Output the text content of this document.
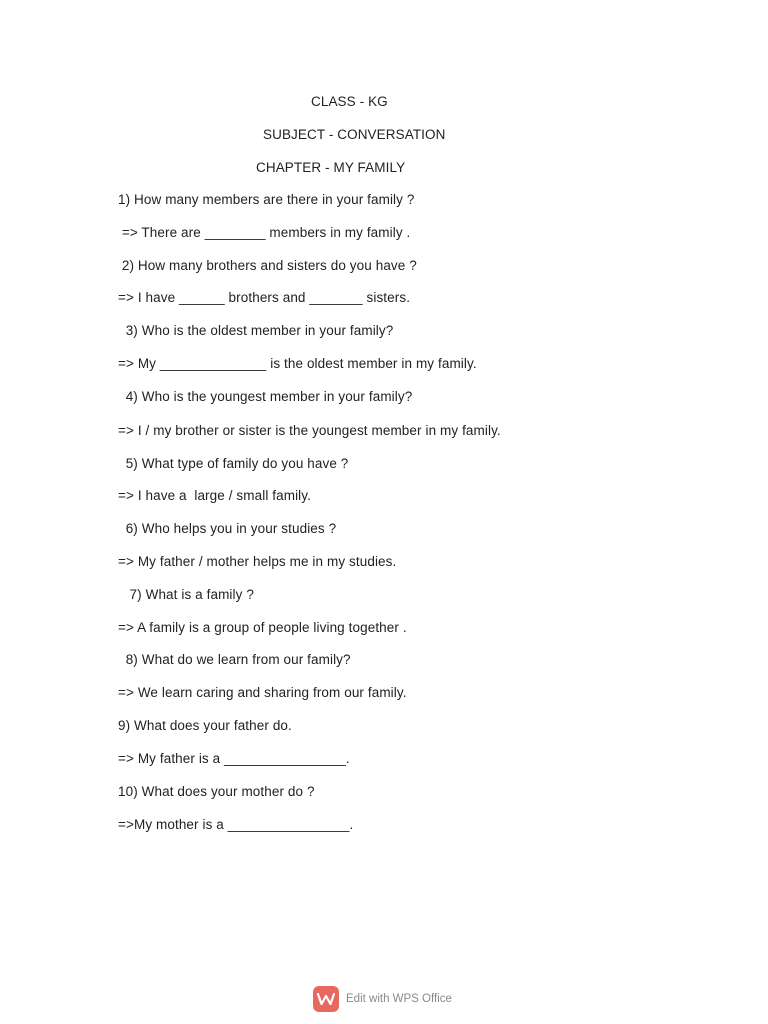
CLASS - KG
SUBJECT - CONVERSATION
CHAPTER - MY FAMILY
1) How many members are there in your family ?
=> There are ________ members in my family .
2) How many brothers and sisters do you have ?
=> I have ______ brothers and _______ sisters.
3) Who is the oldest member in your family?
=> My ______________ is the oldest member in my family.
4) Who is the youngest member in your family?
=> I / my brother or sister is the youngest member in my family.
5) What type of family do you have ?
=> I have a  large / small family.
6) Who helps you in your studies ?
=> My father / mother helps me in my studies.
7) What is a family ?
=> A family is a group of people living together .
8) What do we learn from our family?
=> We learn caring and sharing from our family.
9) What does your father do.
=> My father is a ________________.
10) What does your mother do ?
=>My mother is a ________________.
Edit with WPS Office
